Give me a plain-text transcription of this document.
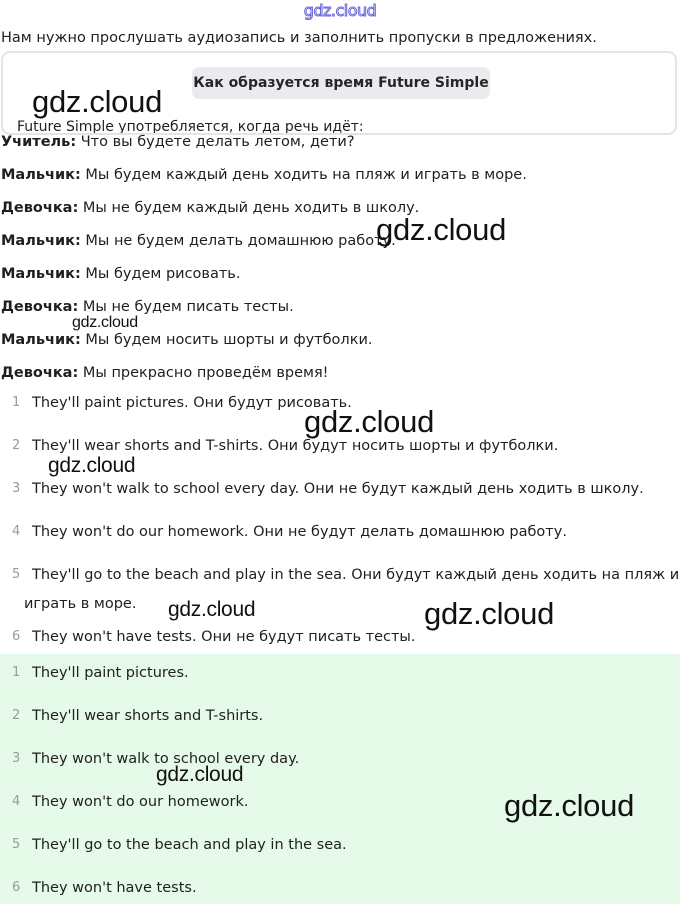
gdz.cloud
Нам нужно прослушать аудиозапись и заполнить пропуски в предложениях.
Как образуется время Future Simple
Future Simple употребляется, когда речь идёт:
Учитель: Что вы будете делать летом, дети?
Мальчик: Мы будем каждый день ходить на пляж и играть в море.
Девочка: Мы не будем каждый день ходить в школу.
Мальчик: Мы не будем делать домашнюю работу.
Мальчик: Мы будем рисовать.
Девочка: Мы не будем писать тесты.
Мальчик: Мы будем носить шорты и футболки.
Девочка: Мы прекрасно проведём время!
1 They'll paint pictures. Они будут рисовать.
2 They'll wear shorts and T-shirts. Они будут носить шорты и футболки.
3 They won't walk to school every day. Они не будут каждый день ходить в школу.
4 They won't do our homework. Они не будут делать домашнюю работу.
5 They'll go to the beach and play in the sea. Они будут каждый день ходить на пляж и
играть в море.
6 They won't have tests. Они не будут писать тесты.
1 They'll paint pictures.
2 They'll wear shorts and T-shirts.
3 They won't walk to school every day.
4 They won't do our homework.
5 They'll go to the beach and play in the sea.
6 They won't have tests.
gdz.cloud
gdz.cloud
gdz.cloud
gdz.cloud
gdz.cloud
gdz.cloud	gdz.cloud
gdz.cloud
gdz.cloud
